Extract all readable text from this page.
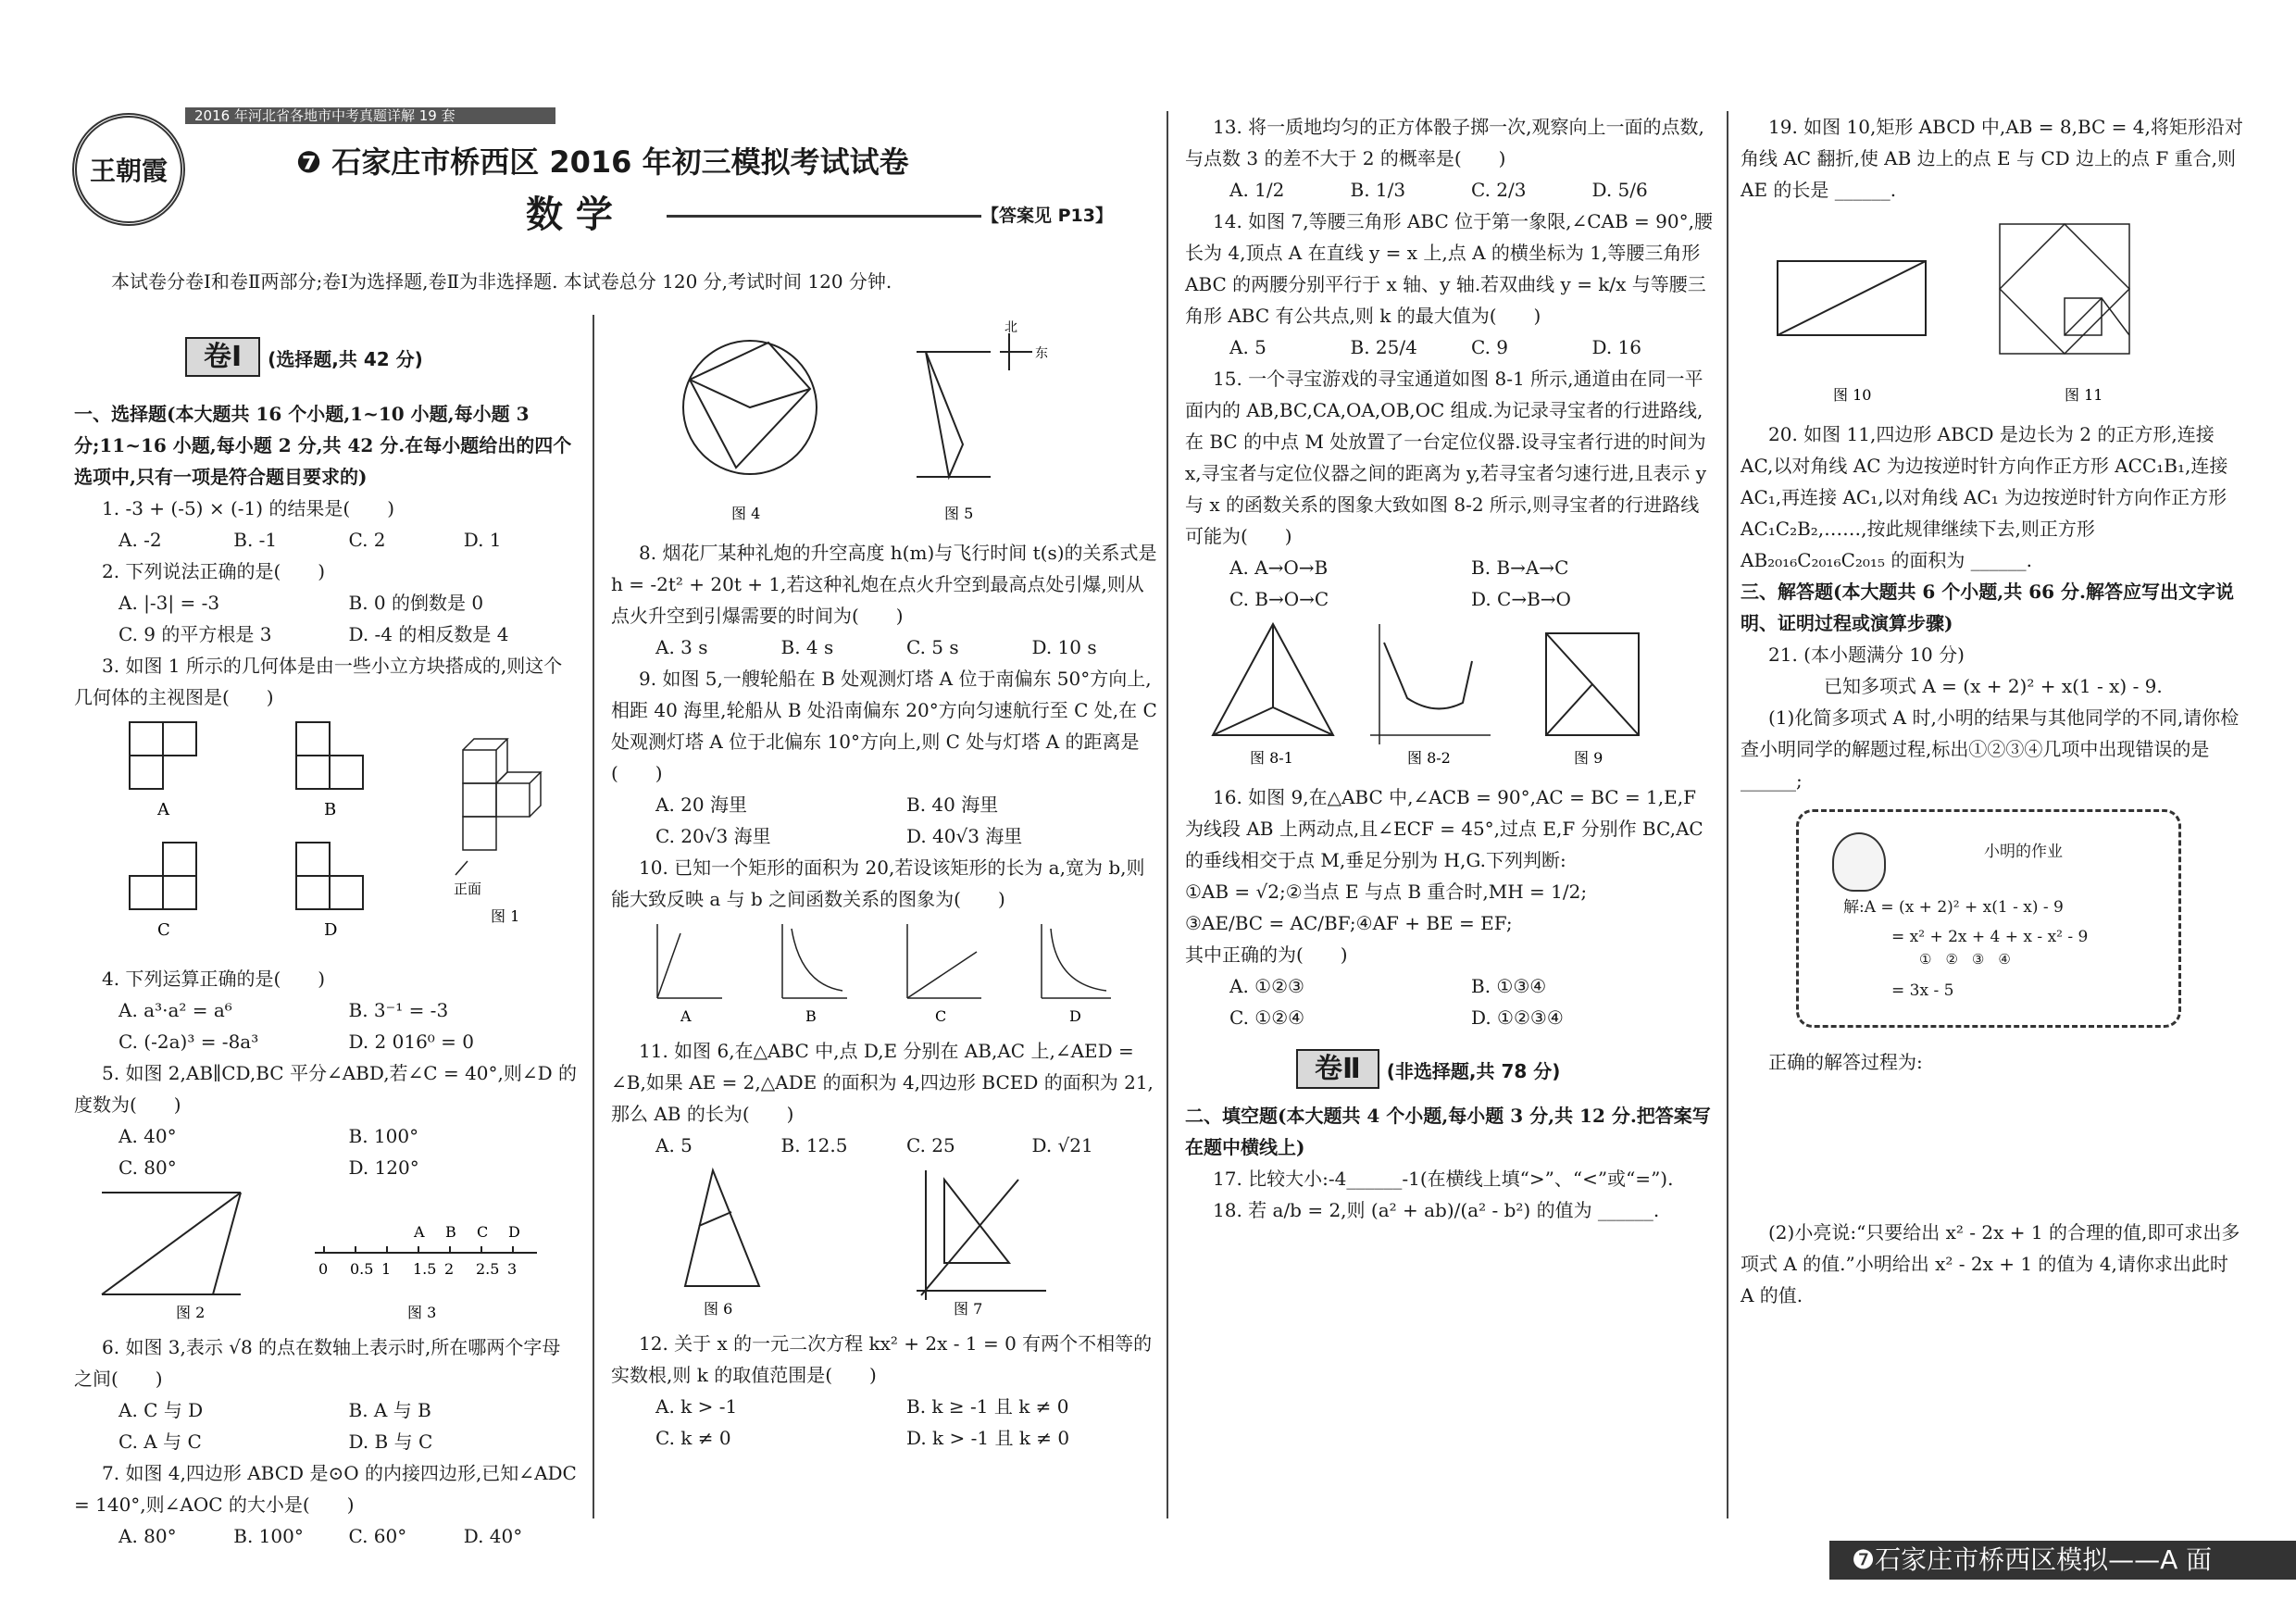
2016 年河北省各地市中考真题详解 19 套
王朝霞	❼ 石家庄市桥西区 2016 年初三模拟考试试卷
数 学	【答案见 P13】
本试卷分卷Ⅰ和卷Ⅱ两部分;卷Ⅰ为选择题,卷Ⅱ为非选择题. 本试卷总分 120 分,考试时间 120 分钟.
卷Ⅰ (选择题,共 42 分)

一、选择题(本大题共 16 个小题,1~10 小题,每小题 3 分;11~16 小题,每小题 2 分,共 42 分.在每小题给出的四个选项中,只有一项是符合题目要求的)

1. -3 + (-5) × (-1) 的结果是(　　)

A. -2	B. -1	C. 2	D. 1

2. 下列说法正确的是(　　)

A. |-3| = -3	B. 0 的倒数是 0
C. 9 的平方根是 3	D. -4 的相反数是 4

3. 如图 1 所示的几何体是由一些小立方块搭成的,则这个几何体的主视图是(　　)

A	B
C	D
正面
图 1

4. 下列运算正确的是(　　)

A. a³·a² = a⁶	B. 3⁻¹ = -3
C. (-2a)³ = -8a³	D. 2 016⁰ = 0

5. 如图 2,AB∥CD,BC 平分∠ABD,若∠C = 40°,则∠D 的度数为(　　)

A. 40°	B. 100°
C. 80°	D. 120°
图 2
0 0.5 1 1.5 2 2.5 3
A B C D
图 3

6. 如图 3,表示 √8 的点在数轴上表示时,所在哪两个字母之间(　　)

A. C 与 D	B. A 与 B
C. A 与 C	D. B 与 C

7. 如图 4,四边形 ABCD 是⊙O 的内接四边形,已知∠ADC = 140°,则∠AOC 的大小是(　　)

A. 80°	B. 100°	C. 60°	D. 40°
图 4
北
东
图 5

8. 烟花厂某种礼炮的升空高度 h(m)与飞行时间 t(s)的关系式是 h = -2t² + 20t + 1,若这种礼炮在点火升空到最高点处引爆,则从点火升空到引爆需要的时间为(　　)

A. 3 s	B. 4 s	C. 5 s	D. 10 s

9. 如图 5,一艘轮船在 B 处观测灯塔 A 位于南偏东 50°方向上,相距 40 海里,轮船从 B 处沿南偏东 20°方向匀速航行至 C 处,在 C 处观测灯塔 A 位于北偏东 10°方向上,则 C 处与灯塔 A 的距离是(　　)

A. 20 海里	B. 40 海里
C. 20√3 海里	D. 40√3 海里

10. 已知一个矩形的面积为 20,若设该矩形的长为 a,宽为 b,则能大致反映 a 与 b 之间函数关系的图象为(　　)

A	B	C	D

11. 如图 6,在△ABC 中,点 D,E 分别在 AB,AC 上,∠AED = ∠B,如果 AE = 2,△ADE 的面积为 4,四边形 BCED 的面积为 21,那么 AB 的长为(　　)

A. 5	B. 12.5	C. 25	D. √21
图 6	图 7

12. 关于 x 的一元二次方程 kx² + 2x - 1 = 0 有两个不相等的实数根,则 k 的取值范围是(　　)

A. k > -1	B. k ≥ -1 且 k ≠ 0
C. k ≠ 0	D. k > -1 且 k ≠ 0

13. 将一质地均匀的正方体骰子掷一次,观察向上一面的点数,与点数 3 的差不大于 2 的概率是(　　)

A. 1/2	B. 1/3	C. 2/3	D. 5/6

14. 如图 7,等腰三角形 ABC 位于第一象限,∠CAB = 90°,腰长为 4,顶点 A 在直线 y = x 上,点 A 的横坐标为 1,等腰三角形 ABC 的两腰分别平行于 x 轴、y 轴.若双曲线 y = k/x 与等腰三角形 ABC 有公共点,则 k 的最大值为(　　)

A. 5	B. 25/4	C. 9	D. 16

15. 一个寻宝游戏的寻宝通道如图 8-1 所示,通道由在同一平面内的 AB,BC,CA,OA,OB,OC 组成.为记录寻宝者的行进路线,在 BC 的中点 M 处放置了一台定位仪器.设寻宝者行进的时间为 x,寻宝者与定位仪器之间的距离为 y,若寻宝者匀速行进,且表示 y 与 x 的函数关系的图象大致如图 8-2 所示,则寻宝者的行进路线可能为(　　)

A. A→O→B	B. B→A→C
C. B→O→C	D. C→B→O
图 8-1	图 8-2	图 9

16. 如图 9,在△ABC 中,∠ACB = 90°,AC = BC = 1,E,F 为线段 AB 上两动点,且∠ECF = 45°,过点 E,F 分别作 BC,AC 的垂线相交于点 M,垂足分别为 H,G.下列判断:

①AB = √2;②当点 E 与点 B 重合时,MH = 1/2;

③AE/BC = AC/BF;④AF + BE = EF;

其中正确的为(　　)

A. ①②③	B. ①③④
C. ①②④	D. ①②③④
卷Ⅱ (非选择题,共 78 分)

二、填空题(本大题共 4 个小题,每小题 3 分,共 12 分.把答案写在题中横线上)

17. 比较大小:-4______-1(在横线上填“>”、“<”或“=”).

18. 若 a/b = 2,则 (a² + ab)/(a² - b²) 的值为 ______.

19. 如图 10,矩形 ABCD 中,AB = 8,BC = 4,将矩形沿对角线 AC 翻折,使 AB 边上的点 E 与 CD 边上的点 F 重合,则 AE 的长是 ______.

图 10	图 11

20. 如图 11,四边形 ABCD 是边长为 2 的正方形,连接 AC,以对角线 AC 为边按逆时针方向作正方形 ACC₁B₁,连接 AC₁,再连接 AC₁,以对角线 AC₁ 为边按逆时针方向作正方形 AC₁C₂B₂,……,按此规律继续下去,则正方形 AB₂₀₁₆C₂₀₁₆C₂₀₁₅ 的面积为 ______.

三、解答题(本大题共 6 个小题,共 66 分.解答应写出文字说明、证明过程或演算步骤)

21. (本小题满分 10 分)

已知多项式 A = (x + 2)² + x(1 - x) - 9.

(1)化简多项式 A 时,小明的结果与其他同学的不同,请你检查小明同学的解题过程,标出①②③④几项中出现错误的是 ______;

小明的作业
解:A = (x + 2)² + x(1 - x) - 9
= x² + 2x + 4 + x - x² - 9
①　②　③　④
= 3x - 5

正确的解答过程为:

(2)小亮说:“只要给出 x² - 2x + 1 的合理的值,即可求出多项式 A 的值.”小明给出 x² - 2x + 1 的值为 4,请你求出此时 A 的值.

❼石家庄市桥西区模拟——A 面
